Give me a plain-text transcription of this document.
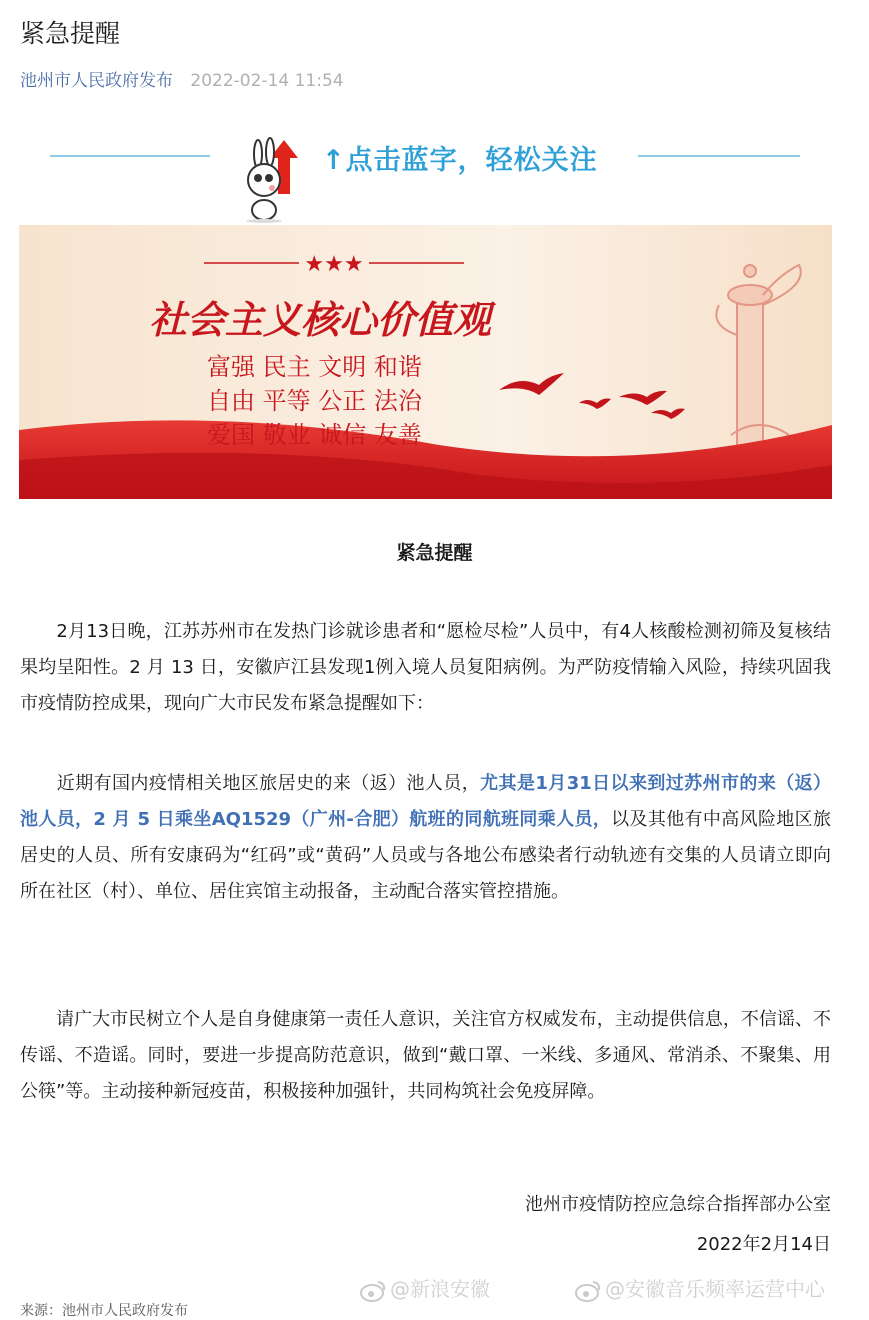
紧急提醒
池州市人民政府发布 2022-02-14 11:54
↑点击蓝字，轻松关注
★★★
社会主义核心价值观
富强 民主 文明 和谐
自由 平等 公正 法治
爱国 敬业 诚信 友善
紧急提醒
　　2月13日晚，江苏苏州市在发热门诊就诊患者和“愿检尽检”人员中，有4人核酸检测初筛及复核结果均呈阳性。2 月 13 日，安徽庐江县发现1例入境人员复阳病例。为严防疫情输入风险，持续巩固我市疫情防控成果，现向广大市民发布紧急提醒如下：
　　近期有国内疫情相关地区旅居史的来（返）池人员，尤其是1月31日以来到过苏州市的来（返）池人员，2 月 5 日乘坐AQ1529（广州-合肥）航班的同航班同乘人员，以及其他有中高风险地区旅居史的人员、所有安康码为“红码”或“黄码”人员或与各地公布感染者行动轨迹有交集的人员请立即向所在社区（村）、单位、居住宾馆主动报备，主动配合落实管控措施。
　　请广大市民树立个人是自身健康第一责任人意识，关注官方权威发布，主动提供信息，不信谣、不传谣、不造谣。同时，要进一步提高防范意识，做到“戴口罩、一米线、多通风、常消杀、不聚集、用公筷”等。主动接种新冠疫苗，积极接种加强针，共同构筑社会免疫屏障。
池州市疫情防控应急综合指挥部办公室
2022年2月14日
@新浪安徽	@安徽音乐频率运营中心
来源：池州市人民政府发布
